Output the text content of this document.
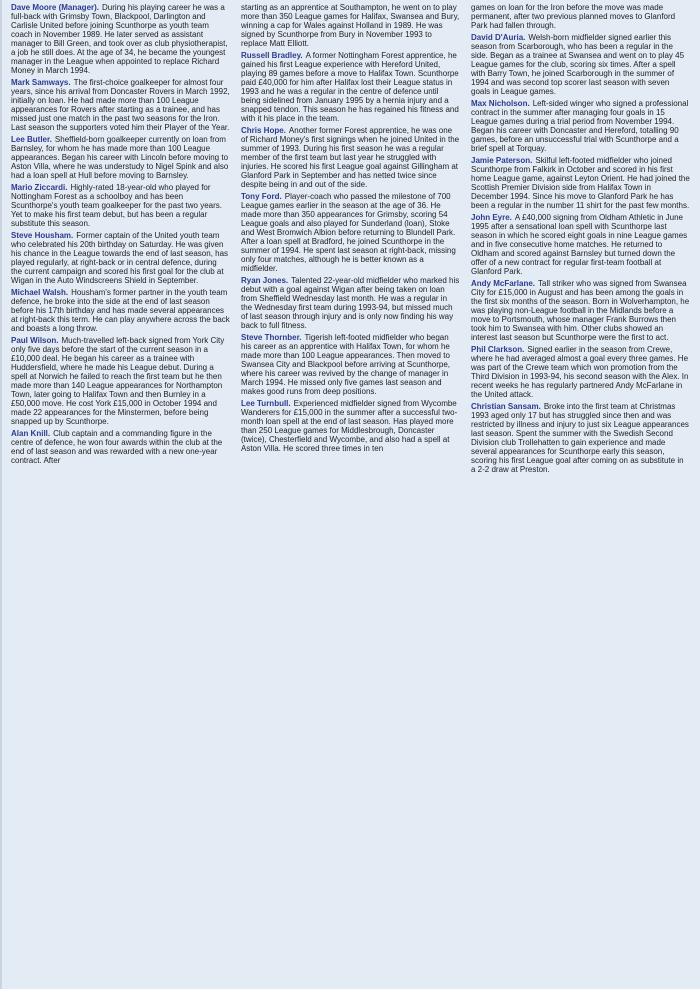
Dave Moore (Manager). During his playing career he was a full-back with Grimsby Town, Blackpool, Darlington and Carlisle United before joining Scunthorpe as youth team coach in November 1989. He later served as assistant manager to Bill Green, and took over as club physiotherapist, a job he still does. At the age of 34, he became the youngest manager in the League when appointed to replace Richard Money in March 1994.

Mark Samways. The first-choice goalkeeper for almost four years, since his arrival from Doncaster Rovers in March 1992, initially on loan. He had made more than 100 League appearances for Rovers after starting as a trainee, and has missed just one match in the past two seasons for the Iron. Last season the supporters voted him their Player of the Year.

Lee Butler. Sheffield-born goalkeeper currently on loan from Barnsley, for whom he has made more than 100 League appearances. Began his career with Lincoln before moving to Aston Villa, where he was understudy to Nigel Spink and also had a loan spell at Hull before moving to Barnsley.

Mario Ziccardi. Highly-rated 18-year-old who played for Nottingham Forest as a schoolboy and has been Scunthorpe's youth team goalkeeper for the past two years. Yet to make his first team debut, but has been a regular substitute this season.

Steve Housham. Former captain of the United youth team who celebrated his 20th birthday on Saturday. He was given his chance in the League towards the end of last season, has played regularly, at right-back or in central defence, during the current campaign and scored his first goal for the club at Wigan in the Auto Windscreens Shield in September.

Michael Walsh. Housham's former partner in the youth team defence, he broke into the side at the end of last season before his 17th birthday and has made several appearances at right-back this term. He can play anywhere across the back and boasts a long throw.

Paul Wilson. Much-travelled left-back signed from York City only five days before the start of the current season in a £10,000 deal. He began his career as a trainee with Huddersfield, where he made his League debut. During a spell at Norwich he failed to reach the first team but he then made more than 140 League appearances for Northampton Town, later going to Halifax Town and then Burnley in a £50,000 move. He cost York £15,000 in October 1994 and made 22 appearances for the Minstermen, before being snapped up by Scunthorpe.

Alan Knill. Club captain and a commanding figure in the centre of defence, he won four awards within the club at the end of last season and was rewarded with a new one-year contract. After

starting as an apprentice at Southampton, he went on to play more than 350 League games for Halifax, Swansea and Bury, winning a cap for Wales against Holland in 1989. He was signed by Scunthorpe from Bury in November 1993 to replace Matt Elliott.

Russell Bradley. A former Nottingham Forest apprentice, he gained his first League experience with Hereford United, playing 89 games before a move to Halifax Town. Scunthorpe paid £40,000 for him after Halifax lost their League status in 1993 and he was a regular in the centre of defence until being sidelined from January 1995 by a hernia injury and a snapped tendon. This season he has regained his fitness and with it his place in the team.

Chris Hope. Another former Forest apprentice, he was one of Richard Money's first signings when he joined United in the summer of 1993. During his first season he was a regular member of the first team but last year he struggled with injuries. He scored his first League goal against Gillingham at Glanford Park in September and has netted twice since despite being in and out of the side.

Tony Ford. Player-coach who passed the milestone of 700 League games earlier in the season at the age of 36. He made more than 350 appearances for Grimsby, scoring 54 League goals and also played for Sunderland (loan), Stoke and West Bromwich Albion before returning to Blundell Park. After a loan spell at Bradford, he joined Scunthorpe in the summer of 1994. He spent last season at right-back, missing only four matches, although he is better known as a midfielder.

Ryan Jones. Talented 22-year-old midfielder who marked his debut with a goal against Wigan after being taken on loan from Sheffield Wednesday last month. He was a regular in the Wednesday first team during 1993-94, but missed much of last season through injury and is only now finding his way back to full fitness.

Steve Thornber. Tigerish left-footed midfielder who began his career as an apprentice with Halifax Town, for whom he made more than 100 League appearances. Then moved to Swansea City and Blackpool before arriving at Scunthorpe, where his career was revived by the change of manager in March 1994. He missed only five games last season and makes good runs from deep positions.

Lee Turnbull. Experienced midfielder signed from Wycombe Wanderers for £15,000 in the summer after a successful two-month loan spell at the end of last season. Has played more than 250 League games for Middlesbrough, Doncaster (twice), Chesterfield and Wycombe, and also had a spell at Aston Villa. He scored three times in ten

games on loan for the Iron before the move was made permanent, after two previous planned moves to Glanford Park had fallen through.

David D'Auria. Welsh-born midfielder signed earlier this season from Scarborough, who has been a regular in the side. Began as a trainee at Swansea and went on to play 45 League games for the club, scoring six times. After a spell with Barry Town, he joined Scarborough in the summer of 1994 and was second top scorer last season with seven goals in League games.

Max Nicholson. Left-sided winger who signed a professional contract in the summer after managing four goals in 15 League games during a trial period from November 1994. Began his career with Doncaster and Hereford, totalling 90 games, before an unsuccessful trial with Scunthorpe and a brief spell at Torquay.

Jamie Paterson. Skilful left-footed midfielder who joined Scunthorpe from Falkirk in October and scored in his first home League game, against Leyton Orient. He had joined the Scottish Premier Division side from Halifax Town in December 1994. Since his move to Glanford Park he has been a regular in the number 11 shirt for the past few months.

John Eyre. A £40,000 signing from Oldham Athletic in June 1995 after a sensational loan spell with Scunthorpe last season in which he scored eight goals in nine League games and in five consecutive home matches. He returned to Oldham and scored against Barnsley but turned down the offer of a new contract for regular first-team football at Glanford Park.

Andy McFarlane. Tall striker who was signed from Swansea City for £15,000 in August and has been among the goals in the first six months of the season. Born in Wolverhampton, he was playing non-League football in the Midlands before a move to Portsmouth, whose manager Frank Burrows then took him to Swansea with him. Other clubs showed an interest last season but Scunthorpe were the first to act.

Phil Clarkson. Signed earlier in the season from Crewe, where he had averaged almost a goal every three games. He was part of the Crewe team which won promotion from the Third Division in 1993-94, his second season with the Alex. In recent weeks he has regularly partnered Andy McFarlane in the United attack.

Christian Sansam. Broke into the first team at Christmas 1993 aged only 17 but has struggled since then and was restricted by illness and injury to just six League appearances last season. Spent the summer with the Swedish Second Division club Trollehatten to gain experience and made several appearances for Scunthorpe early this season, scoring his first League goal after coming on as substitute in a 2-2 draw at Preston.
